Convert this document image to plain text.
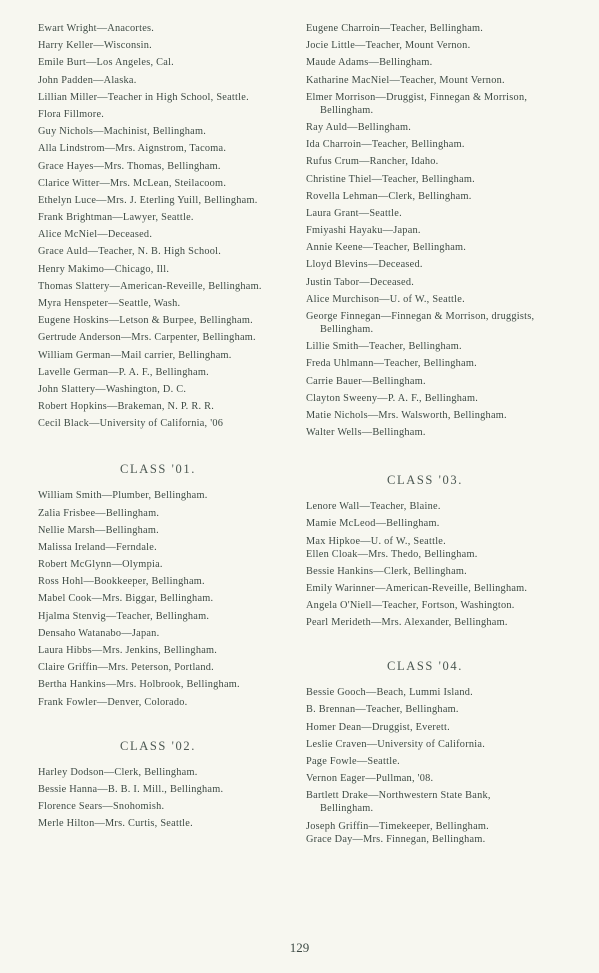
Ewart Wright—Anacortes.

Harry Keller—Wisconsin.

Emile Burt—Los Angeles, Cal.

John Padden—Alaska.

Lillian Miller—Teacher in High School, Seattle.

Flora Fillmore.

Guy Nichols—Machinist, Bellingham.

Alla Lindstrom—Mrs. Aignstrom, Tacoma.

Grace Hayes—Mrs. Thomas, Bellingham.

Clarice Witter—Mrs. McLean, Steilacoom.

Ethelyn Luce—Mrs. J. Eterling Yuill, Bellingham.

Frank Brightman—Lawyer, Seattle.

Alice McNiel—Deceased.

Grace Auld—Teacher, N. B. High School.

Henry Makimo—Chicago, Ill.

Thomas Slattery—American-Reveille, Bellingham.

Myra Henspeter—Seattle, Wash.

Eugene Hoskins—Letson & Burpee, Bellingham.

Gertrude Anderson—Mrs. Carpenter, Bellingham.

William German—Mail carrier, Bellingham.

Lavelle German—P. A. F., Bellingham.

John Slattery—Washington, D. C.

Robert Hopkins—Brakeman, N. P. R. R.

Cecil Black—University of California, '06

CLASS '01.

William Smith—Plumber, Bellingham.

Zalia Frisbee—Bellingham.

Nellie Marsh—Bellingham.

Malissa Ireland—Ferndale.

Robert McGlynn—Olympia.

Ross Hohl—Bookkeeper, Bellingham.

Mabel Cook—Mrs. Biggar, Bellingham.

Hjalma Stenvig—Teacher, Bellingham.

Densaho Watanabo—Japan.

Laura Hibbs—Mrs. Jenkins, Bellingham.

Claire Griffin—Mrs. Peterson, Portland.

Bertha Hankins—Mrs. Holbrook, Bellingham.

Frank Fowler—Denver, Colorado.

CLASS '02.

Harley Dodson—Clerk, Bellingham.

Bessie Hanna—B. B. I. Mill., Bellingham.

Florence Sears—Snohomish.

Merle Hilton—Mrs. Curtis, Seattle.

Eugene Charroin—Teacher, Bellingham.

Jocie Little—Teacher, Mount Vernon.

Maude Adams—Bellingham.

Katharine MacNiel—Teacher, Mount Vernon.

Elmer Morrison—Druggist, Finnegan & Morrison, Bellingham.

Ray Auld—Bellingham.

Ida Charroin—Teacher, Bellingham.

Rufus Crum—Rancher, Idaho.

Christine Thiel—Teacher, Bellingham.

Rovella Lehman—Clerk, Bellingham.

Laura Grant—Seattle.

Fmiyashi Hayaku—Japan.

Annie Keene—Teacher, Bellingham.

Lloyd Blevins—Deceased.

Justin Tabor—Deceased.

Alice Murchison—U. of W., Seattle.

George Finnegan—Finnegan & Morrison, druggists, Bellingham.

Lillie Smith—Teacher, Bellingham.

Freda Uhlmann—Teacher, Bellingham.

Carrie Bauer—Bellingham.

Clayton Sweeny—P. A. F., Bellingham.

Matie Nichols—Mrs. Walsworth, Bellingham.

Walter Wells—Bellingham.

CLASS '03.

Lenore Wall—Teacher, Blaine.

Mamie McLeod—Bellingham.

Max Hipkoe—U. of W., Seattle.

Ellen Cloak—Mrs. Thedo, Bellingham.

Bessie Hankins—Clerk, Bellingham.

Emily Warinner—American-Reveille, Bellingham.

Angela O'Niell—Teacher, Fortson, Washington.

Pearl Merideth—Mrs. Alexander, Bellingham.

CLASS '04.

Bessie Gooch—Beach, Lummi Island.

B. Brennan—Teacher, Bellingham.

Homer Dean—Druggist, Everett.

Leslie Craven—University of California.

Page Fowle—Seattle.

Vernon Eager—Pullman, '08.

Bartlett Drake—Northwestern State Bank, Bellingham.

Joseph Griffin—Timekeeper, Bellingham.

Grace Day—Mrs. Finnegan, Bellingham.

129
